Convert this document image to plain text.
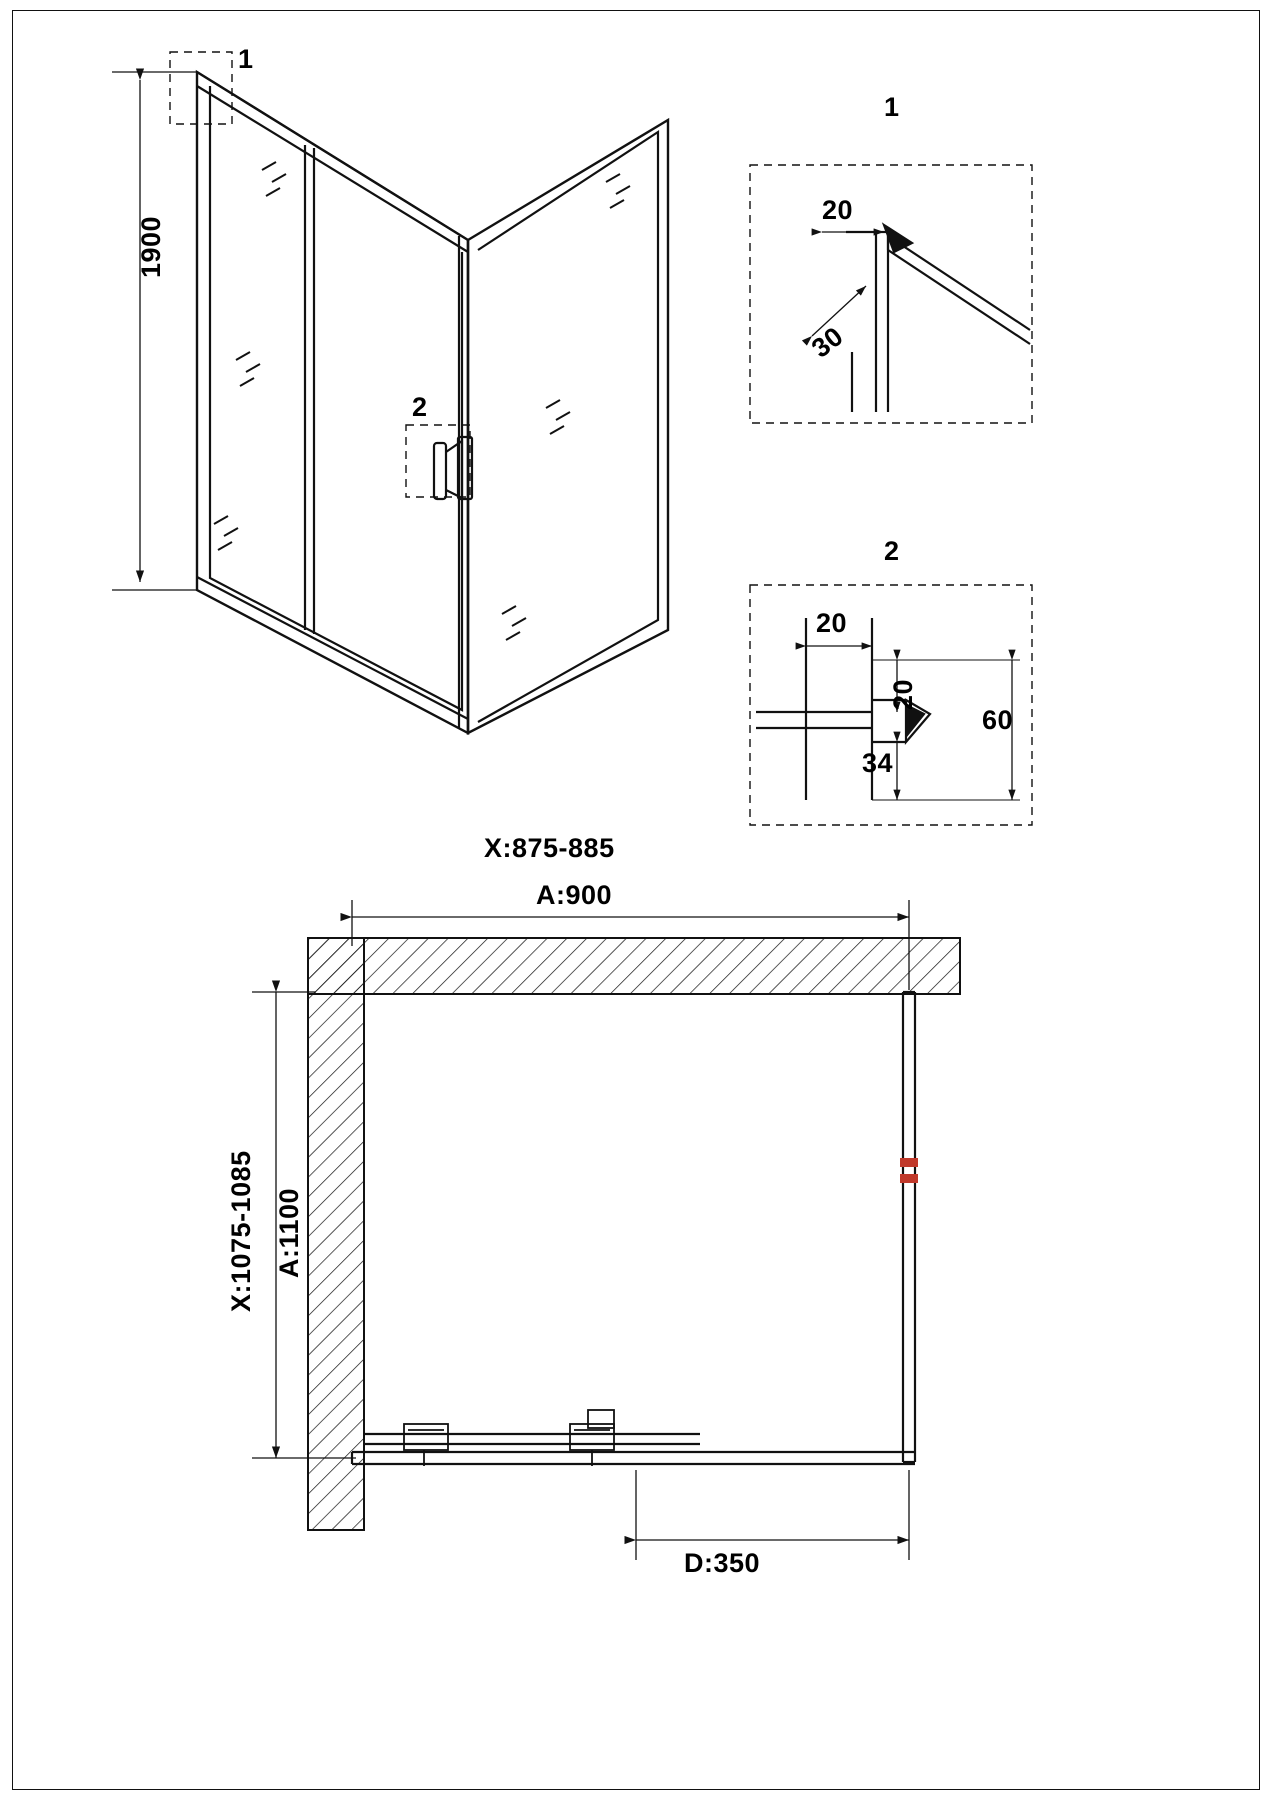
1
2
1900
1
20
30
2
20
20
34
60
X:875-885
A:900
X:1075-1085 A:1100
D:350
